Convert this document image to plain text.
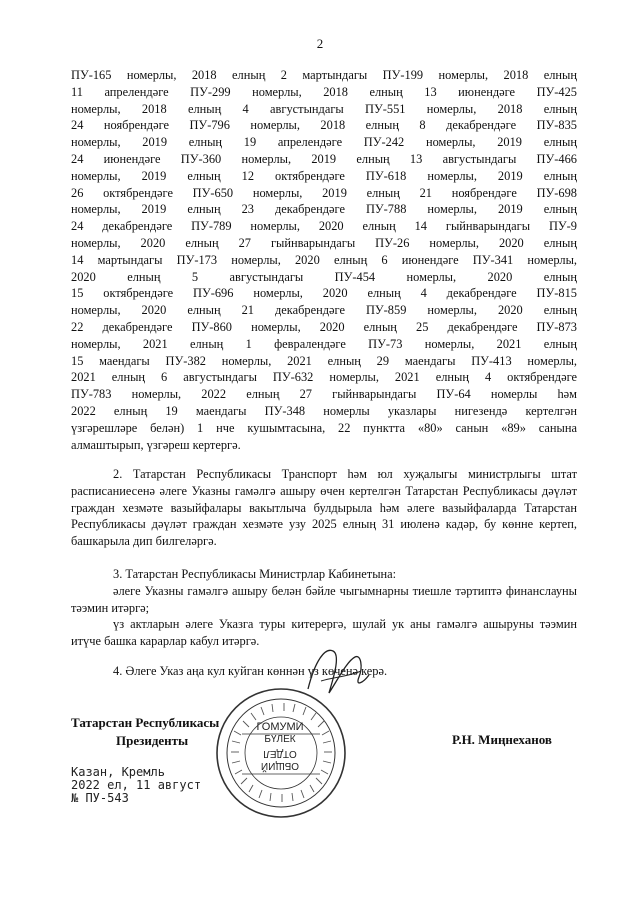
2
ПУ-165 номерлы, 2018 елның 2 мартындагы ПУ-199 номерлы, 2018 елның
11 апрелендәге ПУ-299 номерлы, 2018 елның 13 июнендәге ПУ-425
номерлы, 2018 елның 4 августындагы ПУ-551 номерлы, 2018 елның
24 ноябрендәге ПУ-796 номерлы, 2018 елның 8 декабрендәге ПУ-835
номерлы, 2019 елның 19 апрелендәге ПУ-242 номерлы, 2019 елның
24 июнендәге ПУ-360 номерлы, 2019 елның 13 августындагы ПУ-466
номерлы, 2019 елның 12 октябрендәге ПУ-618 номерлы, 2019 елның
26 октябрендәге ПУ-650 номерлы, 2019 елның 21 ноябрендәге ПУ-698
номерлы, 2019 елның 23 декабрендәге ПУ-788 номерлы, 2019 елның
24 декабрендәге ПУ-789 номерлы, 2020 елның 14 гыйнварындагы ПУ-9
номерлы, 2020 елның 27 гыйнварындагы ПУ-26 номерлы, 2020 елның
14 мартындагы ПУ-173 номерлы, 2020 елның 6 июнендәге ПУ-341 номерлы,
2020 елның 5 августындагы ПУ-454 номерлы, 2020 елның
15 октябрендәге ПУ-696 номерлы, 2020 елның 4 декабрендәге ПУ-815
номерлы, 2020 елның 21 декабрендәге ПУ-859 номерлы, 2020 елның
22 декабрендәге ПУ-860 номерлы, 2020 елның 25 декабрендәге ПУ-873
номерлы, 2021 елның 1 февралендәге ПУ-73 номерлы, 2021 елның
15 маендагы ПУ-382 номерлы, 2021 елның 29 маендагы ПУ-413 номерлы,
2021 елның 6 августындагы ПУ-632 номерлы, 2021 елның 4 октябрендәге
ПУ-783 номерлы, 2022 елның 27 гыйнварындагы ПУ-64 номерлы һәм
2022 елның 19 маендагы ПУ-348 номерлы указлары нигезендә кертелгән
үзгәрешләре белән) 1 нче кушымтасына, 22 пунктта «80» санын «89» санына
алмаштырып, үзгәреш кертергә.

2. Татарстан Республикасы Транспорт һәм юл хуҗалыгы министрлыгы штат расписаниесенә әлеге Указны гамәлгә ашыру өчен кертелгән Татарстан Республикасы дәүләт граждан хезмәте вазыйфалары вакытлыча булдырыла һәм әлеге вазыйфаларда Татарстан Республикасы дәүләт граждан хезмәте узу 2025 елның 31 июленә кадәр, бу көнне кертеп, башкарыла дип билгеләргә.

3. Татарстан Республикасы Министрлар Кабинетына:

әлеге Указны гамәлгә ашыру белән бәйле чыгымнарны тиешле тәртиптә финанслауны тәэмин итәргә;

үз актларын әлеге Указга туры китерергә, шулай ук аны гамәлгә ашыруны тәэмин итүче башка карарлар кабул итәргә.

4. Әлеге Указ аңа кул куйган көннән үз көченә керә.

ГОМУМИ
БҮЛЕК
ОТДЕЛ
ОБЩИЙ
Татарстан Республикасы
Президенты	Р.Н. Миңнеханов
Казан, Кремль
2022 ел, 11 август
№ ПУ-543
